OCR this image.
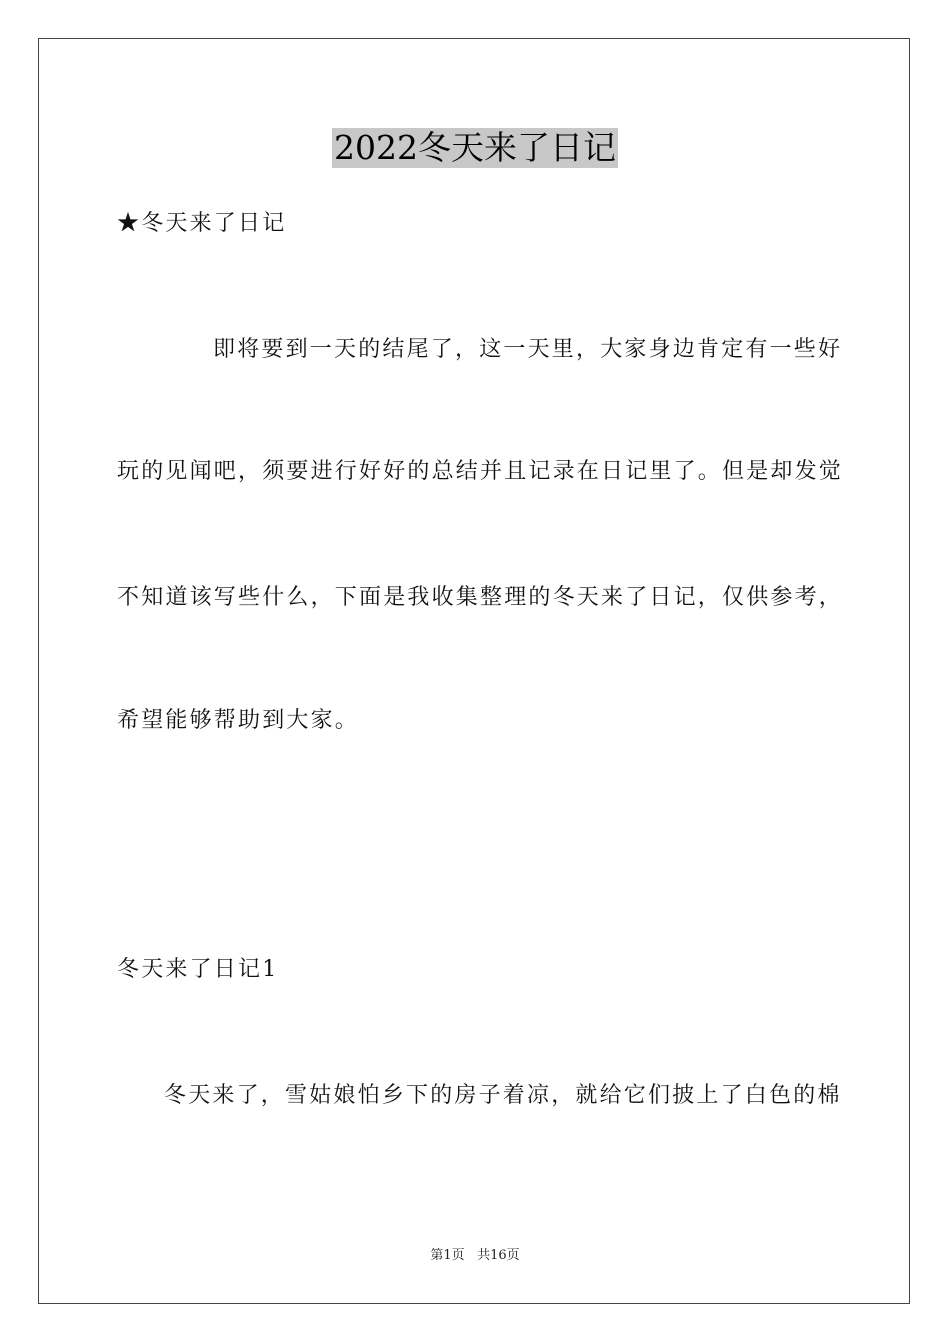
2022冬天来了日记
★冬天来了日记
即将要到一天的结尾了，这一天里，大家身边肯定有一些好
玩的见闻吧，须要进行好好的总结并且记录在日记里了。但是却发觉
不知道该写些什么，下面是我收集整理的冬天来了日记，仅供参考，
希望能够帮助到大家。
冬天来了日记1
冬天来了，雪姑娘怕乡下的房子着凉，就给它们披上了白色的棉
第1页 共16页
